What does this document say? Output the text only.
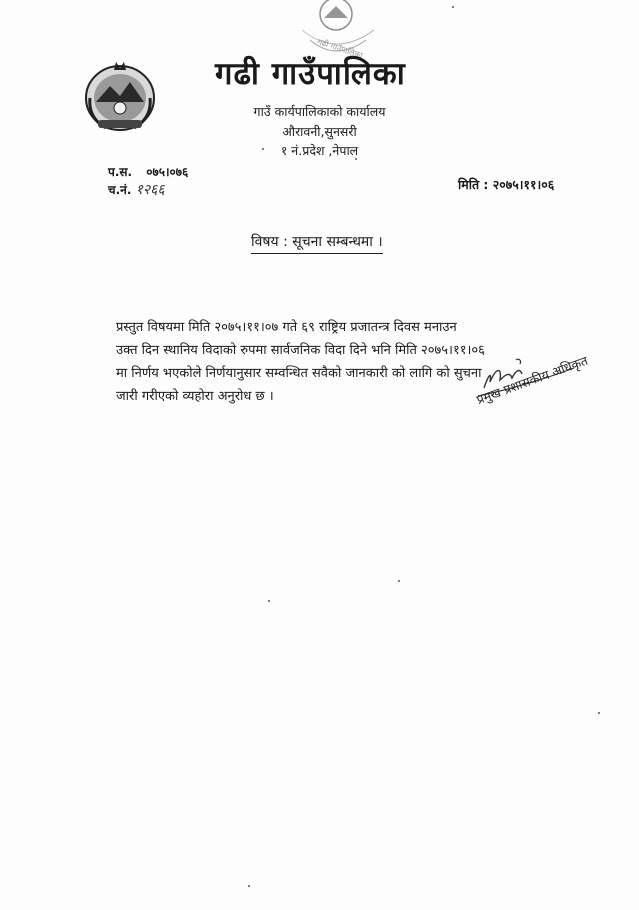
गढी गाउँपालिका
गढी गाउँपालिका
गाउँ कार्यपालिकाको कार्यालय
औरावनी,सुनसरी
१ नं.प्रदेश ,नेपाल
प.स. ०७५।०७६
च.नं. १२६६	मिति : २०७५।११।०६
विषय : सूचना सम्बन्धमा ।

प्रस्तुत विषयमा मिति २०७५।११।०७ गते ६९ राष्ट्रिय प्रजातन्त्र दिवस मनाउन

उक्त दिन स्थानिय विदाको रुपमा सार्वजनिक विदा दिने भनि मिति २०७५।११।०६

मा निर्णय भएकोले निर्णयानुसार सम्वन्धित सवैको जानकारी को लागि को सुचना

जारी गरीएको व्यहोरा अनुरोध छ ।	प्रमुख प्रशासकीय अधिकृत
